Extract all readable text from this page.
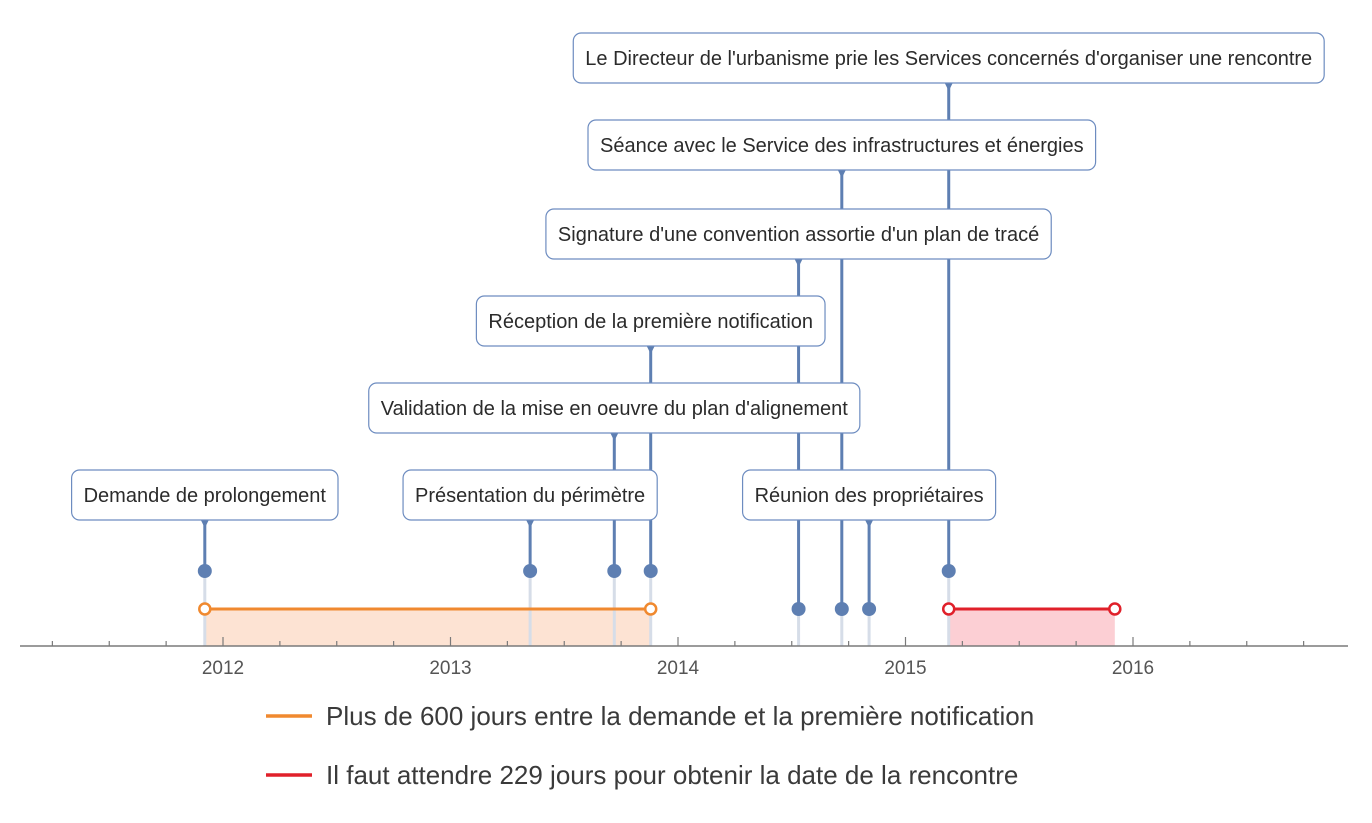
2012	2013	2014	2015	2016
Demande de prolongement	Présentation du périmètre
Validation de la mise en oeuvre du plan d'alignement
Réception de la première notification
Signature d'une convention assortie d'un plan de tracé
Séance avec le Service des infrastructures et énergies
Réunion des propriétaires
Le Directeur de l'urbanisme prie les Services concernés d'organiser une rencontre
Plus de 600 jours entre la demande et la première notification
Il faut attendre 229 jours pour obtenir la date de la rencontre
